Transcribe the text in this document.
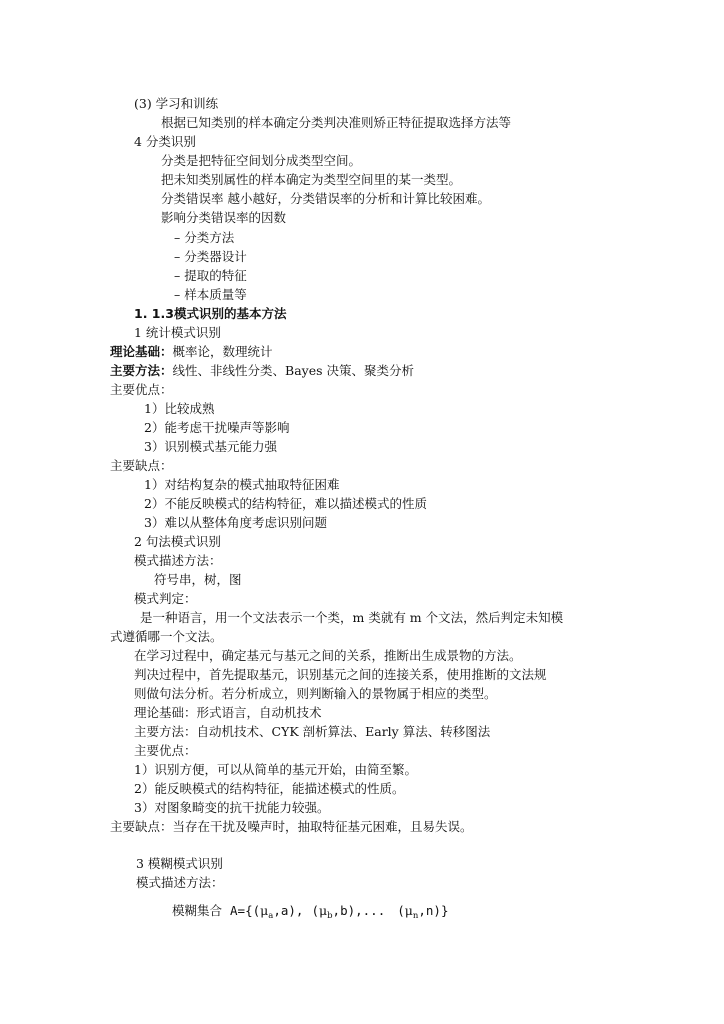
(3) 学习和训练
根据已知类别的样本确定分类判决准则矫正特征提取选择方法等
4 分类识别
分类是把特征空间划分成类型空间。
把未知类别属性的样本确定为类型空间里的某一类型。
分类错误率 越小越好，分类错误率的分析和计算比较困难。
影响分类错误率的因数
– 分类方法
– 分类器设计
– 提取的特征
– 样本质量等
1. 1.3模式识别的基本方法
1 统计模式识别
理论基础：概率论，数理统计
主要方法：线性、非线性分类、Bayes 决策、聚类分析
主要优点：
1）比较成熟
2）能考虑干扰噪声等影响
3）识别模式基元能力强
主要缺点：
1）对结构复杂的模式抽取特征困难
2）不能反映模式的结构特征，难以描述模式的性质
3）难以从整体角度考虑识别问题
2 句法模式识别
模式描述方法：
符号串，树，图
模式判定：
是一种语言，用一个文法表示一个类，m 类就有 m 个文法，然后判定未知模
式遵循哪一个文法。
在学习过程中，确定基元与基元之间的关系，推断出生成景物的方法。
判决过程中，首先提取基元，识别基元之间的连接关系，使用推断的文法规
则做句法分析。若分析成立，则判断输入的景物属于相应的类型。
理论基础：形式语言，自动机技术
主要方法：自动机技术、CYK 剖析算法、Early 算法、转移图法
主要优点：
1）识别方便，可以从简单的基元开始，由简至繁。
2）能反映模式的结构特征，能描述模式的性质。
3）对图象畸变的抗干扰能力较强。
主要缺点：当存在干扰及噪声时，抽取特征基元困难，且易失误。
3 模糊模式识别
模式描述方法：
模糊集合 $A=\{(\mu_a,a)$, $(\mu_b,b)$,... $(\mu_n,n)$}
